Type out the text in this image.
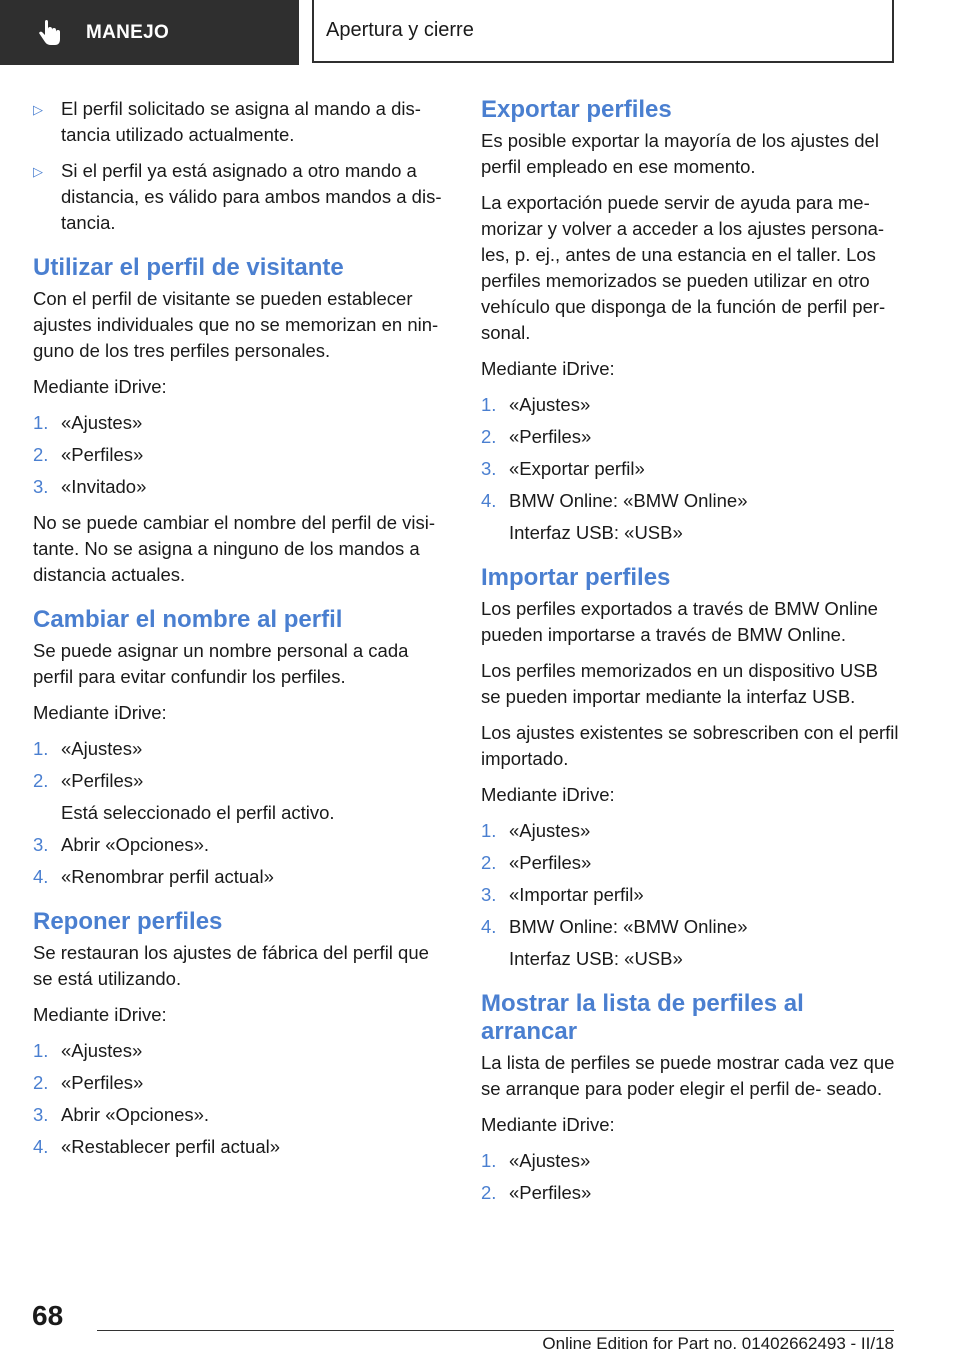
MANEJO	Apertura y cierre
▷ El perfil solicitado se asigna al mando a dis‐ tancia utilizado actualmente.
▷ Si el perfil ya está asignado a otro mando a distancia, es válido para ambos mandos a dis‐ tancia.
Utilizar el perfil de visitante

Con el perfil de visitante se pueden establecer ajustes individuales que no se memorizan en nin‐ guno de los tres perfiles personales.

Mediante iDrive:

1. «Ajustes»
2. «Perfiles»
3. «Invitado»

No se puede cambiar el nombre del perfil de visi‐ tante. No se asigna a ninguno de los mandos a distancia actuales.

Cambiar el nombre al perfil

Se puede asignar un nombre personal a cada perfil para evitar confundir los perfiles.

Mediante iDrive:

1. «Ajustes»
2. «Perfiles»
Está seleccionado el perfil activo.
3. Abrir «Opciones».
4. «Renombrar perfil actual»
Reponer perfiles

Se restauran los ajustes de fábrica del perfil que se está utilizando.

Mediante iDrive:

1. «Ajustes»
2. «Perfiles»
3. Abrir «Opciones».
4. «Restablecer perfil actual»
Exportar perfiles

Es posible exportar la mayoría de los ajustes del perfil empleado en ese momento.

La exportación puede servir de ayuda para me‐ morizar y volver a acceder a los ajustes persona‐ les, p. ej., antes de una estancia en el taller. Los perfiles memorizados se pueden utilizar en otro vehículo que disponga de la función de perfil per‐ sonal.

Mediante iDrive:

1. «Ajustes»
2. «Perfiles»
3. «Exportar perfil»
4. BMW Online: «BMW Online»
Interfaz USB: «USB»
Importar perfiles

Los perfiles exportados a través de BMW Online pueden importarse a través de BMW Online.

Los perfiles memorizados en un dispositivo USB se pueden importar mediante la interfaz USB.

Los ajustes existentes se sobrescriben con el perfil importado.

Mediante iDrive:

1. «Ajustes»
2. «Perfiles»
3. «Importar perfil»
4. BMW Online: «BMW Online»
Interfaz USB: «USB»
Mostrar la lista de perfiles al arrancar

La lista de perfiles se puede mostrar cada vez que se arranque para poder elegir el perfil de‐ seado.

Mediante iDrive:

1. «Ajustes»
2. «Perfiles»
68
Online Edition for Part no. 01402662493 - II/18
